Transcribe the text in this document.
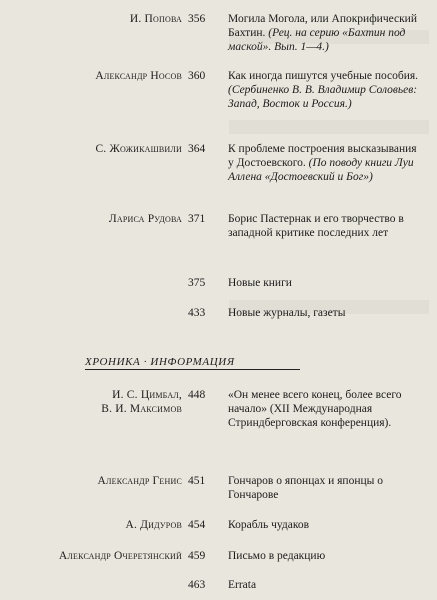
И. Попова 356	Могила Могола, или Апокрифический Бахтин. (Рец. на серию «Бахтин под маской». Вып. 1—4.)
Александр Носов 360	Как иногда пишутся учебные пособия. (Сербиненко В. В. Владимир Соловьев: Запад, Восток и Россия.)
С. Жожикашвили 364	К проблеме построения высказывания у Достоевского. (По поводу книги Луи Аллена «Достоевский и Бог»)
Лариса Рудова 371	Борис Пастернак и его творчество в западной критике последних лет
375	Новые книги
433	Новые журналы, газеты
ХРОНИКА · ИНФОРМАЦИЯ
И. С. Цимбал,
В. И. Максимов
448	«Он менее всего конец, более всего начало» (XII Международная Стриндберговская конференция).
Александр Генис 451	Гончаров о японцах и японцы о Гончарове
А. Дидуров 454	Корабль чудаков
Александр Очеретянский 459	Письмо в редакцию
463	Errata
